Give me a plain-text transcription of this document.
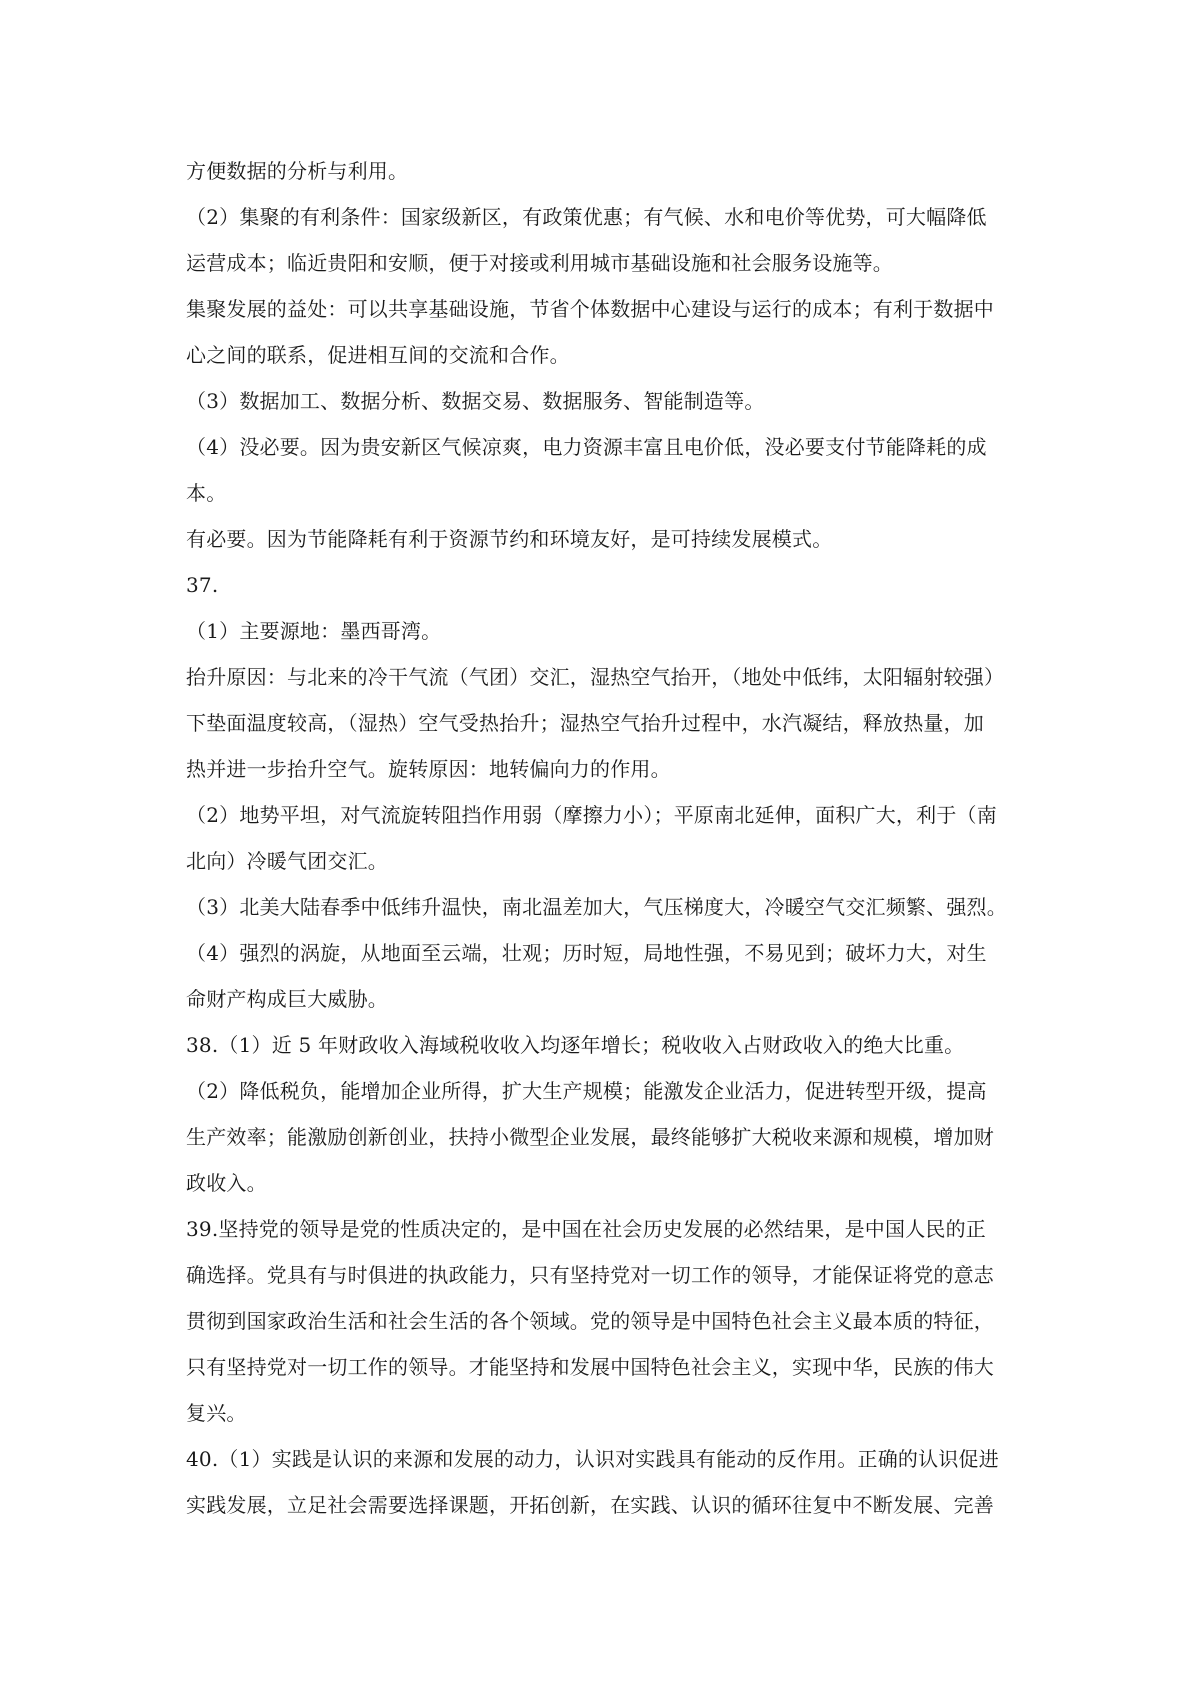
方便数据的分析与利用。
（2）集聚的有利条件：国家级新区，有政策优惠；有气候、水和电价等优势，可大幅降低
运营成本；临近贵阳和安顺，便于对接或利用城市基础设施和社会服务设施等。
集聚发展的益处：可以共享基础设施，节省个体数据中心建设与运行的成本；有利于数据中
心之间的联系，促进相互间的交流和合作。
（3）数据加工、数据分析、数据交易、数据服务、智能制造等。
（4）没必要。因为贵安新区气候凉爽，电力资源丰富且电价低，没必要支付节能降耗的成
本。
有必要。因为节能降耗有利于资源节约和环境友好，是可持续发展模式。
37.
（1）主要源地：墨西哥湾。
抬升原因：与北来的冷干气流（气团）交汇，湿热空气抬开，（地处中低纬，太阳辐射较强）
下垫面温度较高，（湿热）空气受热抬升；湿热空气抬升过程中，水汽凝结，释放热量，加
热并进一步抬升空气。旋转原因：地转偏向力的作用。
（2）地势平坦，对气流旋转阻挡作用弱（摩擦力小）；平原南北延伸，面积广大，利于（南
北向）冷暖气团交汇。
（3）北美大陆春季中低纬升温快，南北温差加大，气压梯度大，冷暖空气交汇频繁、强烈。
（4）强烈的涡旋，从地面至云端，壮观；历时短，局地性强，不易见到；破坏力大，对生
命财产构成巨大威胁。
38.（1）近 5 年财政收入海域税收收入均逐年增长；税收收入占财政收入的绝大比重。
（2）降低税负，能增加企业所得，扩大生产规模；能激发企业活力，促进转型开级，提高
生产效率；能激励创新创业，扶持小微型企业发展，最终能够扩大税收来源和规模，增加财
政收入。
39.坚持党的领导是党的性质决定的，是中国在社会历史发展的必然结果，是中国人民的正
确选择。党具有与时俱进的执政能力，只有坚持党对一切工作的领导，才能保证将党的意志
贯彻到国家政治生活和社会生活的各个领域。党的领导是中国特色社会主义最本质的特征，
只有坚持党对一切工作的领导。才能坚持和发展中国特色社会主义，实现中华，民族的伟大
复兴。
40.（1）实践是认识的来源和发展的动力，认识对实践具有能动的反作用。正确的认识促进
实践发展，立足社会需要选择课题，开拓创新，在实践、认识的循环往复中不断发展、完善
